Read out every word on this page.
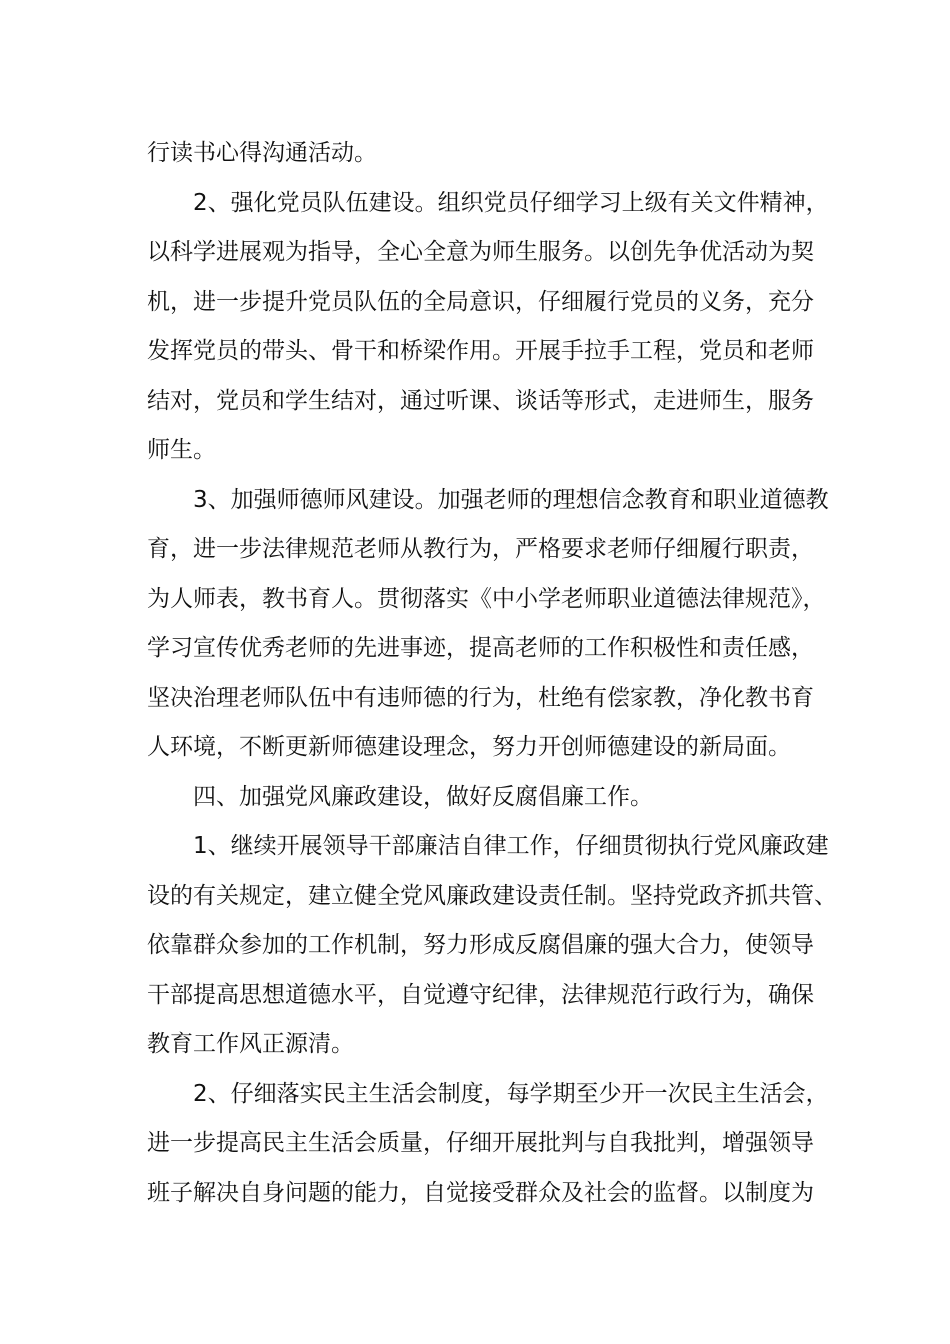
行读书心得沟通活动。
2、强化党员队伍建设。组织党员仔细学习上级有关文件精神，
以科学进展观为指导，全心全意为师生服务。以创先争优活动为契
机，进一步提升党员队伍的全局意识，仔细履行党员的义务，充分
发挥党员的带头、骨干和桥梁作用。开展手拉手工程，党员和老师
结对，党员和学生结对，通过听课、谈话等形式，走进师生，服务
师生。
3、加强师德师风建设。加强老师的理想信念教育和职业道德教
育，进一步法律规范老师从教行为，严格要求老师仔细履行职责，
为人师表，教书育人。贯彻落实《中小学老师职业道德法律规范》，
学习宣传优秀老师的先进事迹，提高老师的工作积极性和责任感，
坚决治理老师队伍中有违师德的行为，杜绝有偿家教，净化教书育
人环境，不断更新师德建设理念，努力开创师德建设的新局面。
四、加强党风廉政建设，做好反腐倡廉工作。
1、继续开展领导干部廉洁自律工作，仔细贯彻执行党风廉政建
设的有关规定，建立健全党风廉政建设责任制。坚持党政齐抓共管、
依靠群众参加的工作机制，努力形成反腐倡廉的强大合力，使领导
干部提高思想道德水平，自觉遵守纪律，法律规范行政行为，确保
教育工作风正源清。
2、仔细落实民主生活会制度，每学期至少开一次民主生活会，
进一步提高民主生活会质量，仔细开展批判与自我批判，增强领导
班子解决自身问题的能力，自觉接受群众及社会的监督。以制度为
